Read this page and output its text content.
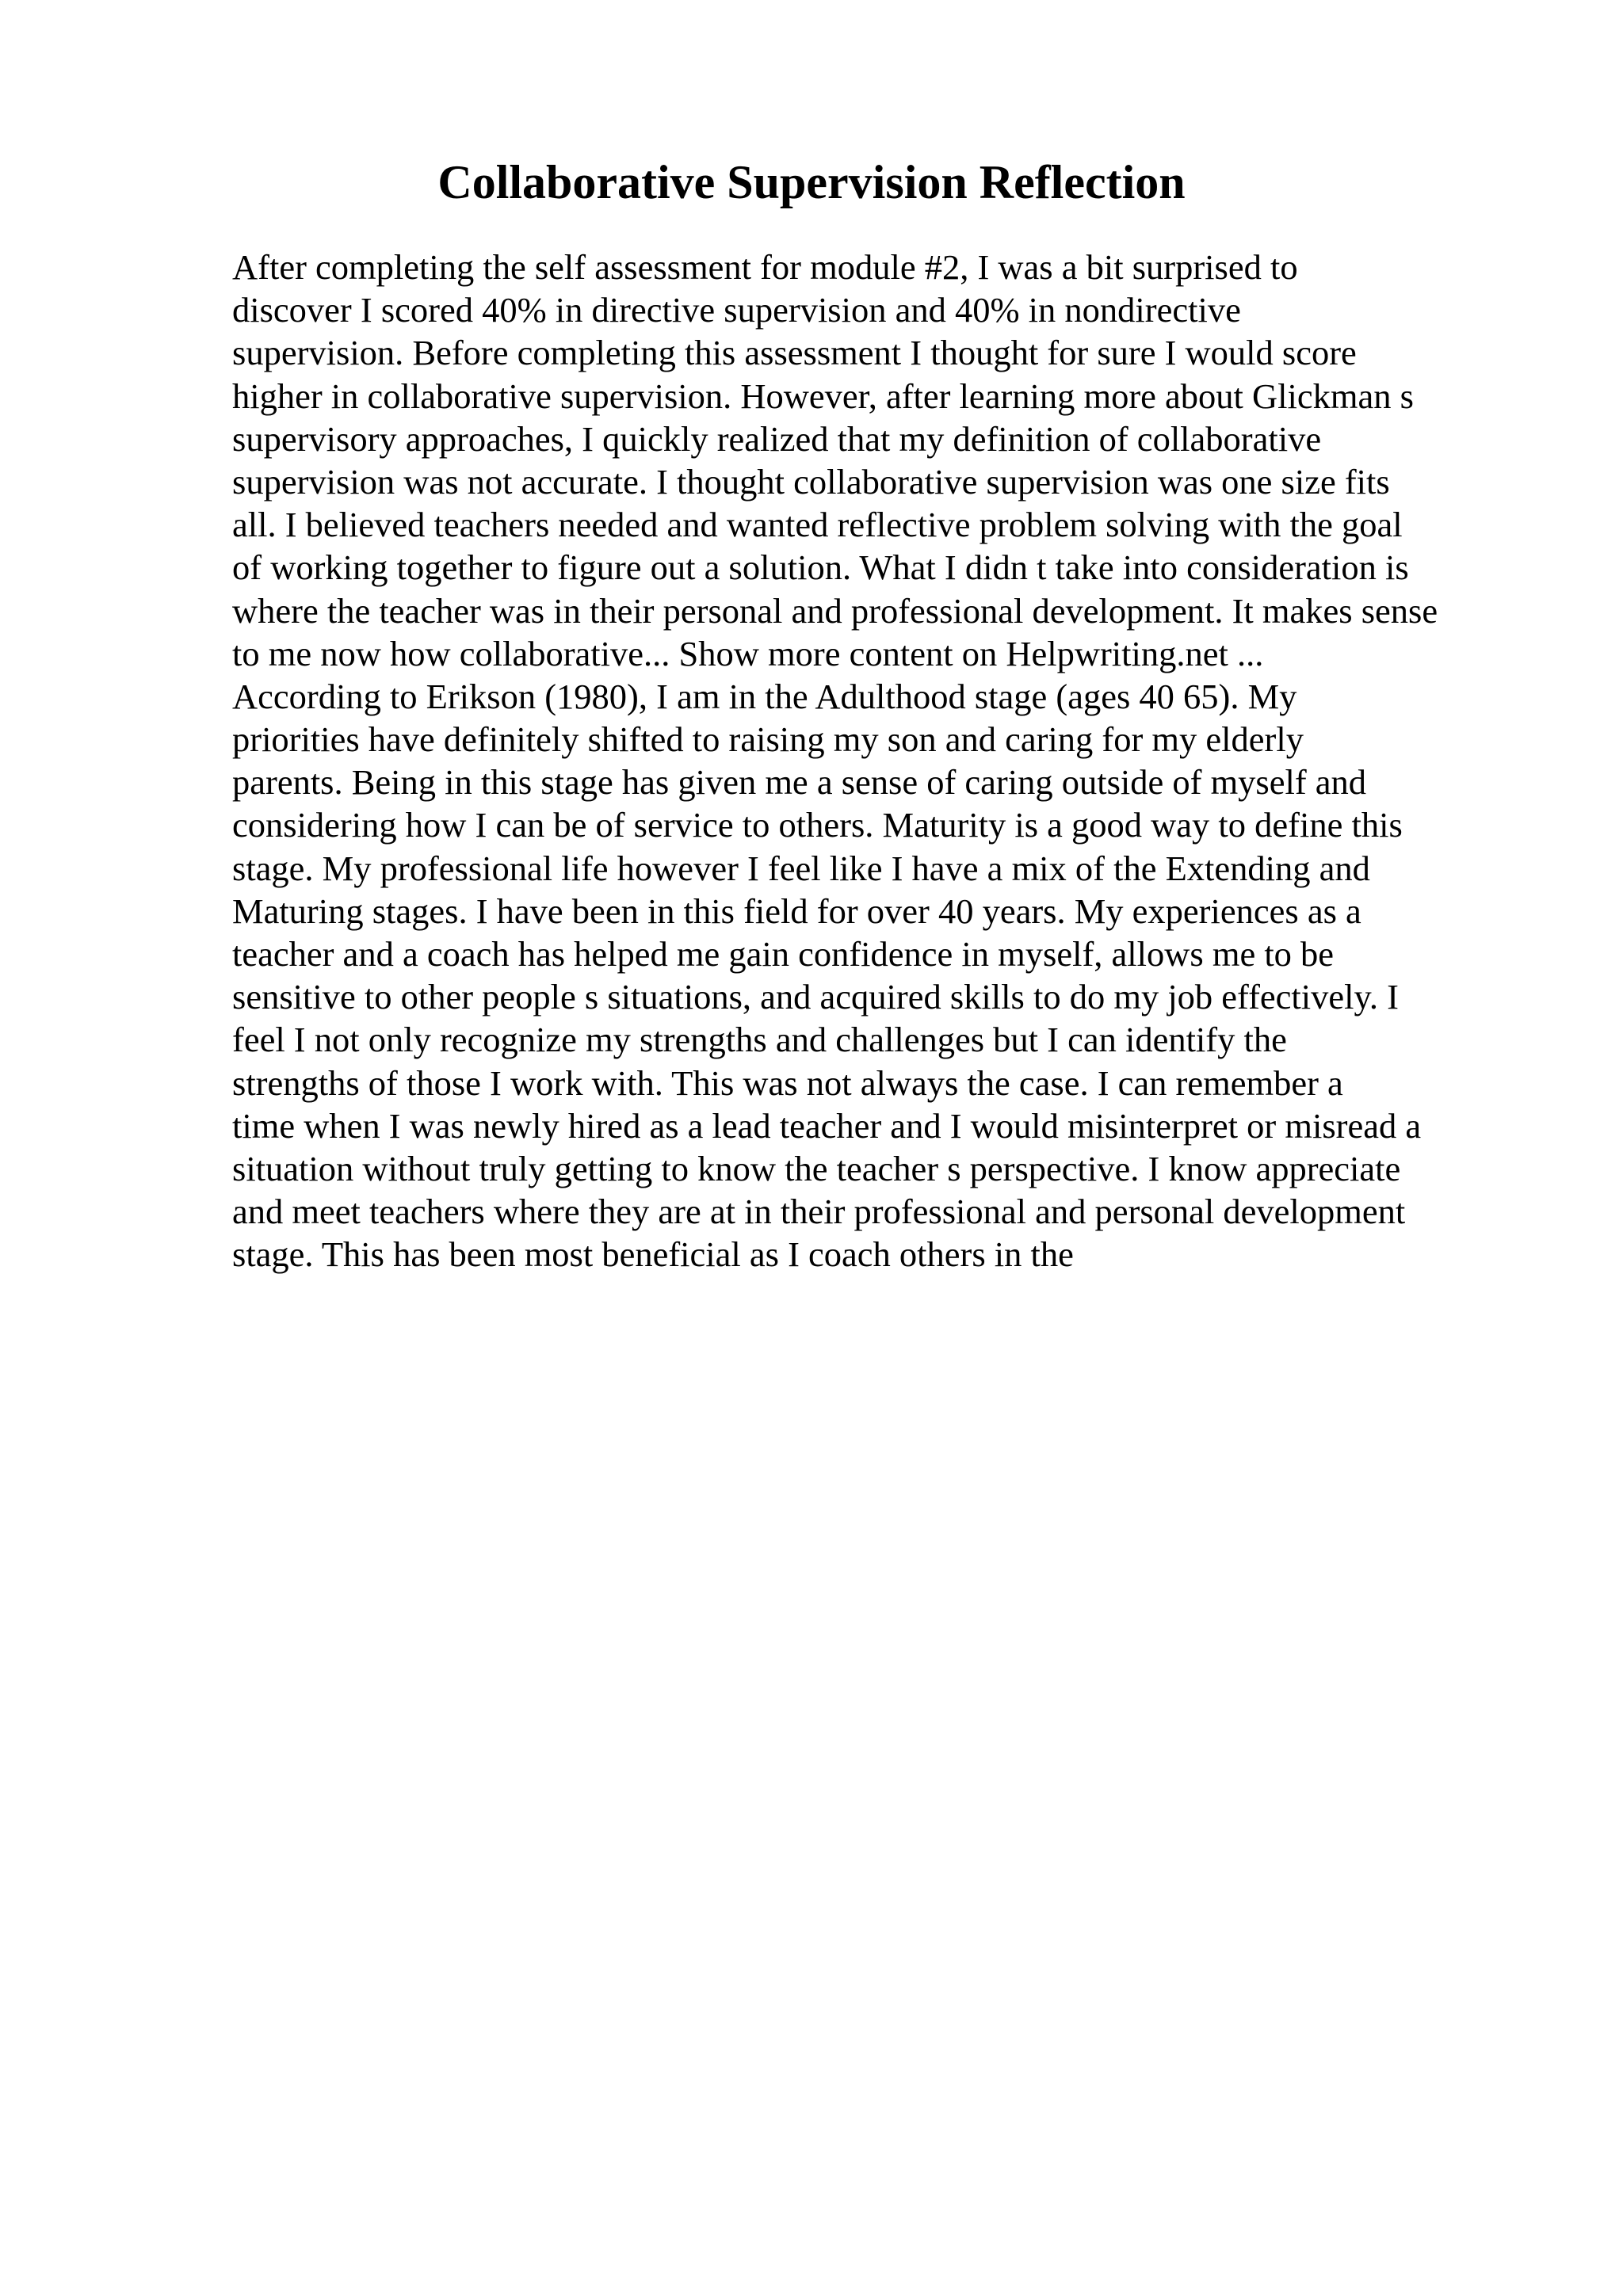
Collaborative Supervision Reflection
After completing the self assessment for module #2, I was a bit surprised to
discover I scored 40% in directive supervision and 40% in nondirective
supervision. Before completing this assessment I thought for sure I would score
higher in collaborative supervision. However, after learning more about Glickman s
supervisory approaches, I quickly realized that my definition of collaborative
supervision was not accurate. I thought collaborative supervision was one size fits
all. I believed teachers needed and wanted reflective problem solving with the goal
of working together to figure out a solution. What I didn t take into consideration is
where the teacher was in their personal and professional development. It makes sense
to me now how collaborative... Show more content on Helpwriting.net ...
According to Erikson (1980), I am in the Adulthood stage (ages 40 65). My
priorities have definitely shifted to raising my son and caring for my elderly
parents. Being in this stage has given me a sense of caring outside of myself and
considering how I can be of service to others. Maturity is a good way to define this
stage. My professional life however I feel like I have a mix of the Extending and
Maturing stages. I have been in this field for over 40 years. My experiences as a
teacher and a coach has helped me gain confidence in myself, allows me to be
sensitive to other people s situations, and acquired skills to do my job effectively. I
feel I not only recognize my strengths and challenges but I can identify the
strengths of those I work with. This was not always the case. I can remember a
time when I was newly hired as a lead teacher and I would misinterpret or misread a
situation without truly getting to know the teacher s perspective. I know appreciate
and meet teachers where they are at in their professional and personal development
stage. This has been most beneficial as I coach others in the
